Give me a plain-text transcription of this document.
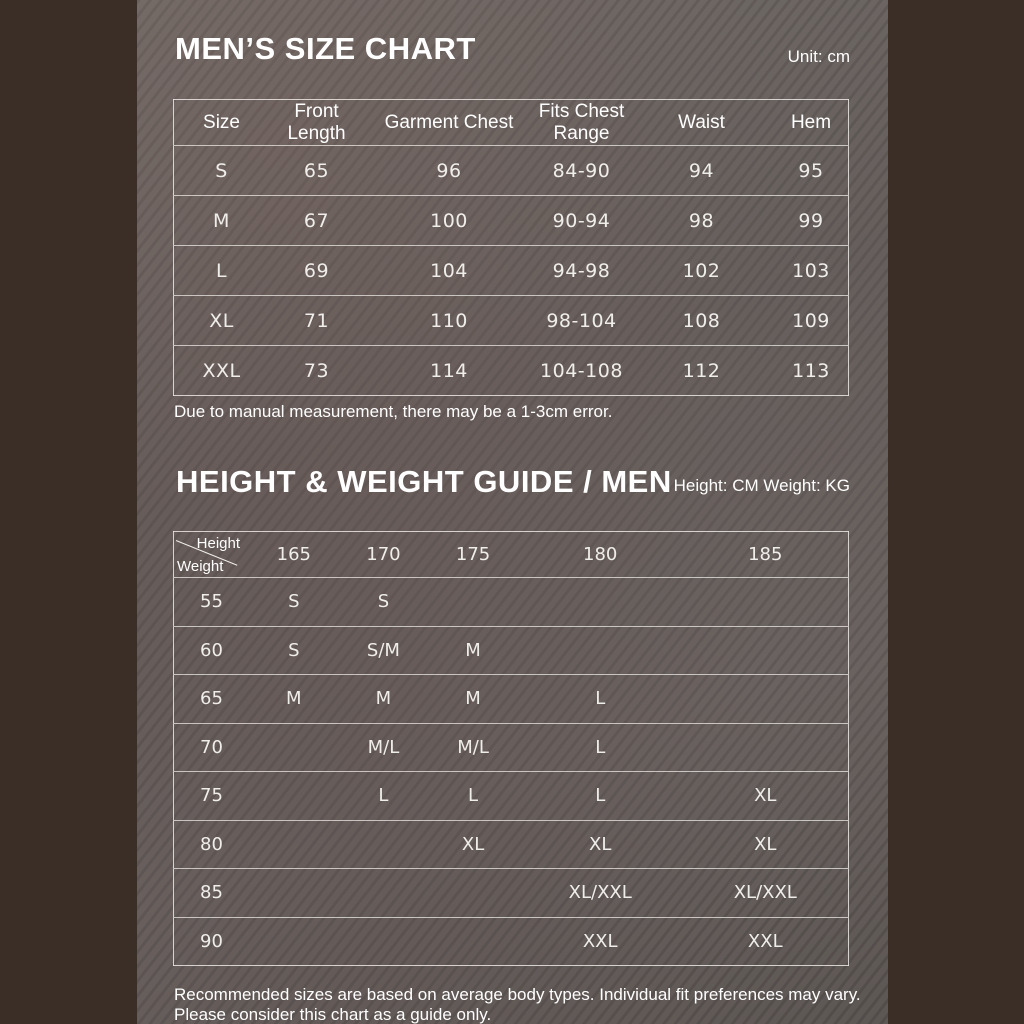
MEN’S SIZE CHART	Unit: cm
Size	Front Length	Garment Chest	Fits Chest Range	Waist	Hem
S	65	96	84-90	94	95
M	67	100	90-94	98	99
L	69	104	94-98	102	103
XL	71	110	98-104	108	109
XXL	73	114	104-108	112	113
Due to manual measurement, there may be a 1-3cm error.
HEIGHT & WEIGHT GUIDE / MEN Height: CM Weight: KG
Height
Weight	165	170	175	180	185
55	S	S			
60	S	S/M	M		
65	M	M	M	L	
70		M/L	M/L	L	
75		L	L	L	XL
80			XL	XL	XL
85				XL/XXL	XL/XXL
90				XXL	XXL
Recommended sizes are based on average body types. Individual fit preferences may vary.
Please consider this chart as a guide only.
